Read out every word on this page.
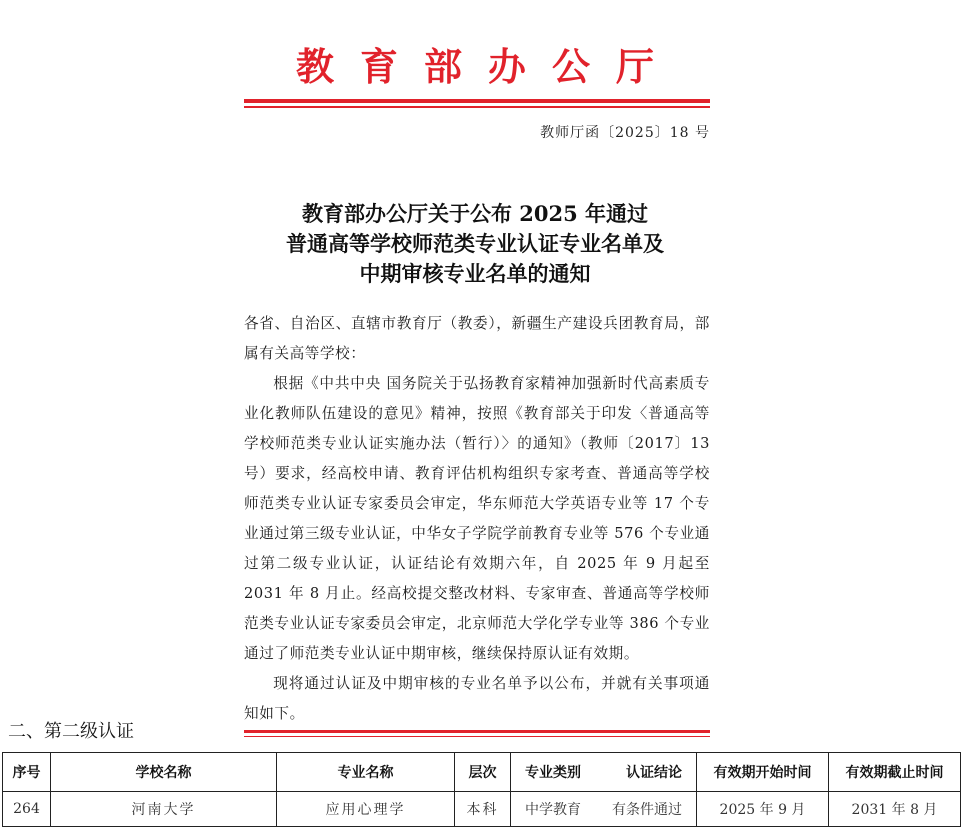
教育部办公厅
教师厅函〔2025〕18 号
教育部办公厅关于公布 2025 年通过
普通高等学校师范类专业认证专业名单及
中期审核专业名单的通知

各省、自治区、直辖市教育厅（教委），新疆生产建设兵团教育局，部属有关高等学校：

根据《中共中央 国务院关于弘扬教育家精神加强新时代高素质专业化教师队伍建设的意见》精神，按照《教育部关于印发〈普通高等学校师范类专业认证实施办法（暂行）〉的通知》（教师〔2017〕13 号）要求，经高校申请、教育评估机构组织专家考查、普通高等学校师范类专业认证专家委员会审定，华东师范大学英语专业等 17 个专业通过第三级专业认证，中华女子学院学前教育专业等 576 个专业通过第二级专业认证，认证结论有效期六年，自 2025 年 9 月起至 2031 年 8 月止。经高校提交整改材料、专家审查、普通高等学校师范类专业认证专家委员会审定，北京师范大学化学专业等 386 个专业通过了师范类专业认证中期审核，继续保持原认证有效期。

现将通过认证及中期审核的专业名单予以公布，并就有关事项通知如下。

二、第二级认证
序号	学校名称	专业名称	层次	专业类别 认证结论	有效期开始时间	有效期截止时间
264	河南大学	应用心理学	本科	中学教育 有条件通过	2025 年 9 月	2031 年 8 月
